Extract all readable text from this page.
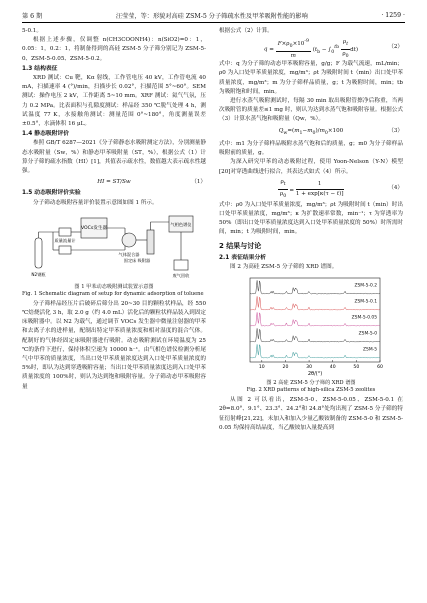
第 6 期	汪莹莹，等：形貌对高硅 ZSM-5 分子筛疏水性及甲苯吸附性能的影响	· 1259 ·

5-0.1。

根据上述步骤，仅调整 n(CH3COONH4)：n(SiO2)=0：1，0.05：1，0.2：1，将制备得到的高硅 ZSM-5 分子筛分别记为 ZSM-5-0、ZSM-5-0.05、ZSM-5-0.2。

1.3 结构表征

XRD 测试：Cu 靶，Kα 射线，工作管电压 40 kV，工作管电流 40 mA，扫描速率 4 (°)/min，扫描步长 0.02°，扫描范围 5°~60°。SEM 测试：操作电压 2 kV，工作距离 5~10 mm。XRF 测试：氦气气氛，压力 0.2 MPa。比表面积与孔隙度测试：样品经 350 ℃脱气处理 4 h，测试温度 77 K，水接触角测试：测量范围 0°~180°，角度测量误差±0.5°，水滴体积 16 μL。

1.4 静态吸附评价

参照 GB/T 6287—2021《分子筛静态水吸附测定方法》，分别测量静态水吸附量（Sw，%）和静态甲苯吸附量（ST，%），根据公式（1）计算分子筛的疏水指数（HI）[1]，其值表示疏水性，数值越大表示疏水性越强。

HI = ST/Sw	（1）

1.5 动态吸附评价实验

分子筛动态吸附容量评价装置示意图如图 1 所示。

VOCs发生器
质量流量计
气相色谱仪
固定床 吸附器
气体混合器
废气回收
N2钢瓶

图 1 甲苯动态吸附测试装置示意图

Fig. 1 Schematic diagram of setup for dynamic adsorption of toluene

分子筛样品经压片后破碎后筛分出 20~30 目的颗粒状样品，经 550 ℃焙烧活化 3 h，取 2.0 g（约 4.0 mL）活化后的颗粒状样品装入到固定床吸附器中。以 N2 为载气，通过调节 VOCs 发生器中微量注射器的甲苯和去离子水的进样量，配制出特定甲苯质量浓度和相对湿度的混合气体。配制好的气体经固定床吸附器进行吸附。动态吸附测试在环境温度为 25 ℃的条件下进行，保持体积空速为 10000 h⁻¹。由气相色谱仪检测分析尾气中甲苯的质量浓度，当出口处甲苯质量浓度达到入口处甲苯质量浓度的 5%时，即认为达到穿透吸附容量；当出口处甲苯质量浓度达到入口处甲苯质量浓度的 100%时，则认为达到饱和吸附容量。分子筛动态甲苯吸附容量

根据公式（2）计算。

$q = \frac{F\times\rho_0\times 10^{-9}}{m} (t_b - \int_0^{tb} \frac{\rho_t}{\rho_0} dt)$	（2）

式中：q 为分子筛的动态甲苯吸附容量，g/g；F 为载气流速，mL/min；ρ0 为入口处甲苯质量浓度，mg/m³；ρt 为吸附时间 t（min）出口处甲苯质量浓度，mg/m³；m 为分子筛样品质量，g；t 为吸附时间，min；tb 为吸附饱和时间，min。

进行水蒸气吸附测试时，每隔 30 min 取出吸附管擦净后称重，当两次吸附管的质量差≤1 mg 时，则认为达到水蒸气饱和吸附容量。根据公式（3）计算水蒸气饱和吸附量（Qw，%）。

$Q_w=(m_1-m_0)/m_0\times 100$	（3）

式中：m1 为分子筛样品吸附水蒸气饱和后的质量，g；m0 为分子筛样品吸附前的质量，g。

为深入研究甲苯的动态吸附过程，使用 Yoon-Nelson（Y-N）模型[20]对穿透曲线进行拟合，其表达式如式（4）所示。

$\frac{\rho_t}{\rho_0} = \frac{1}{1 + \exp[\kappa(\tau - t)]}$	（4）

式中：ρ0 为入口处甲苯质量浓度，mg/m³；ρt 为吸附时间 t（min）时出口处甲苯质量浓度，mg/m³；κ 为扩散速率常数，min⁻¹；τ 为穿透率为 50%（即出口处甲苯质量浓度达到入口处甲苯质量浓度的 50%）时所需时间，min；t 为吸附时间，min。

2 结果与讨论

2.1 表征结果分析

图 2 为高硅 ZSM-5 分子筛的 XRD 谱图。

10	20	30	40	50	60
2θ/(°)
ZSM-5-0.2
ZSM-5-0.1
ZSM-5-0.05
ZSM-5-0
ZSM-5

图 2 高硅 ZSM-5 分子筛的 XRD 谱图

Fig. 2 XRD patterns of high-silica ZSM-5 zeolites

从图 2 可以看出，ZSM-5-0、ZSM-5-0.05、ZSM-5-0.1 在 2θ=8.0°、9.1°、23.3°、24.2°和 24.8°处均出现了 ZSM-5 分子筛的特征衍射峰[21,22]，未加入和加入少量乙酸铵制备的 ZSM-5-0 和 ZSM-5-0.05 均保持高结晶度，当乙酸铵加入量提高到
